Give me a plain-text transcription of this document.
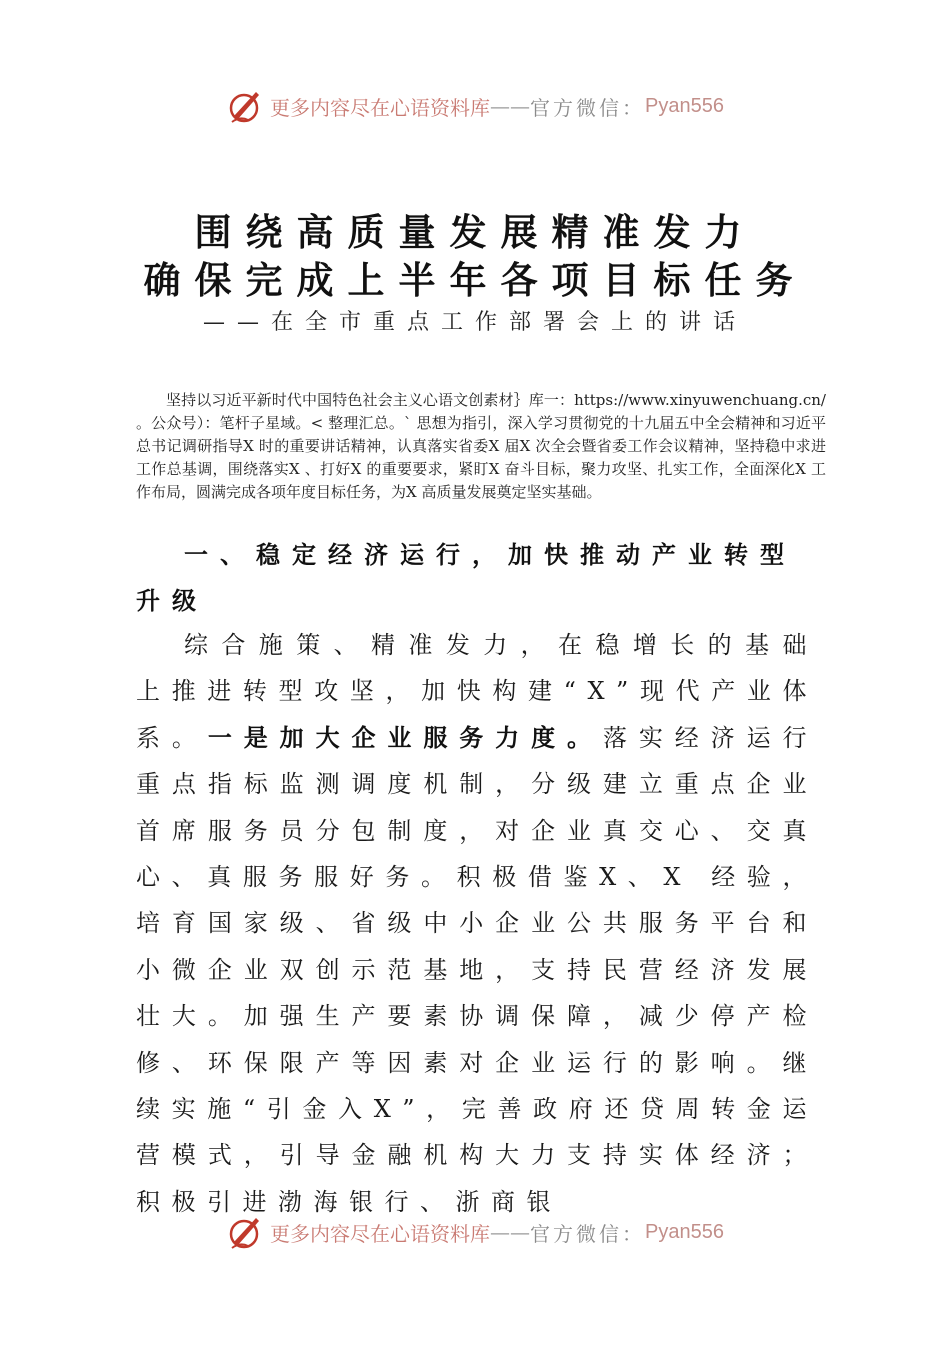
更多内容尽在心语资料库 —— 官方微信： Pyan556
围绕高质量发展精准发力
确保完成上半年各项目标任务
——在全市重点工作部署会上的讲话
坚持以习近平新时代中国特色社会主义心语文创素材｝库一：https://www.xinyuwenchuang.cn/ 。公众号）：笔杆子星域。< 整理汇总。` 思想为指引，深入学习贯彻党的十九届五中全会精神和习近平总书记调研指导X 时的重要讲话精神，认真落实省委X 届X 次全会暨省委工作会议精神，坚持稳中求进工作总基调，围绕落实X 、打好X 的重要要求，紧盯X 奋斗目标，聚力攻坚、扎实工作，全面深化X 工作布局，圆满完成各项年度目标任务，为X 高质量发展奠定坚实基础。
一、稳定经济运行，加快推动产业转型升级
综合施策、精准发力，在稳增长的基础上推进转型攻坚，加快构建“X”现代产业体系。一是加大企业服务力度。落实经济运行重点指标监测调度机制，分级建立重点企业首席服务员分包制度，对企业真交心、交真心、真服务服好务。积极借鉴X、X 经验，培育国家级、省级中小企业公共服务平台和小微企业双创示范基地，支持民营经济发展壮大。加强生产要素协调保障，减少停产检修、环保限产等因素对企业运行的影响。继续实施“引金入X”，完善政府还贷周转金运营模式，引导金融机构大力支持实体经济；积极引进渤海银行、浙商银
更多内容尽在心语资料库 —— 官方微信： Pyan556
